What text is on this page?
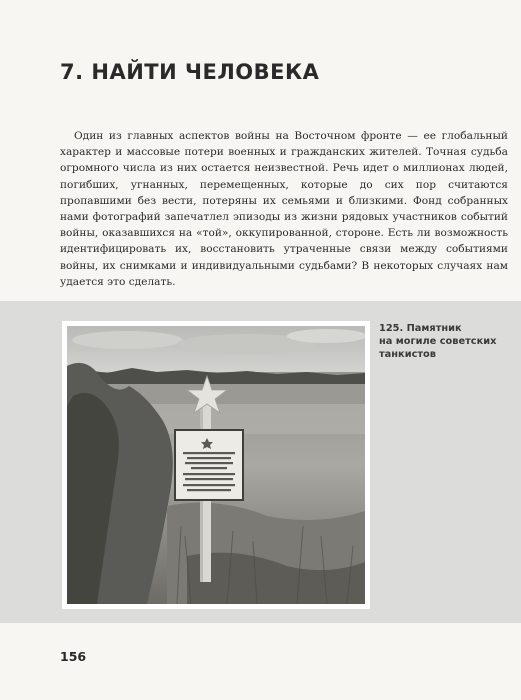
7. НАЙТИ ЧЕЛОВЕКА

Один из главных аспектов войны на Восточном фронте — ее глобальный характер и массовые потери военных и гражданских жителей. Точная судьба огромного числа из них остается неизвестной. Речь идет о миллионах людей, погибших, угнанных, перемещенных, которые до сих пор считаются пропавшими без вести, потеряны их семьями и близкими. Фонд собранных нами фотографий запечатлел эпизоды из жизни рядовых участников событий войны, оказавшихся на «той», оккупированной, стороне. Есть ли возможность идентифицировать их, восстановить утраченные связи между событиями войны, их снимками и индивидуальными судьбами? В некоторых случаях нам удается это сделать.

125. Памятник
на могиле советских
танкистов
156
